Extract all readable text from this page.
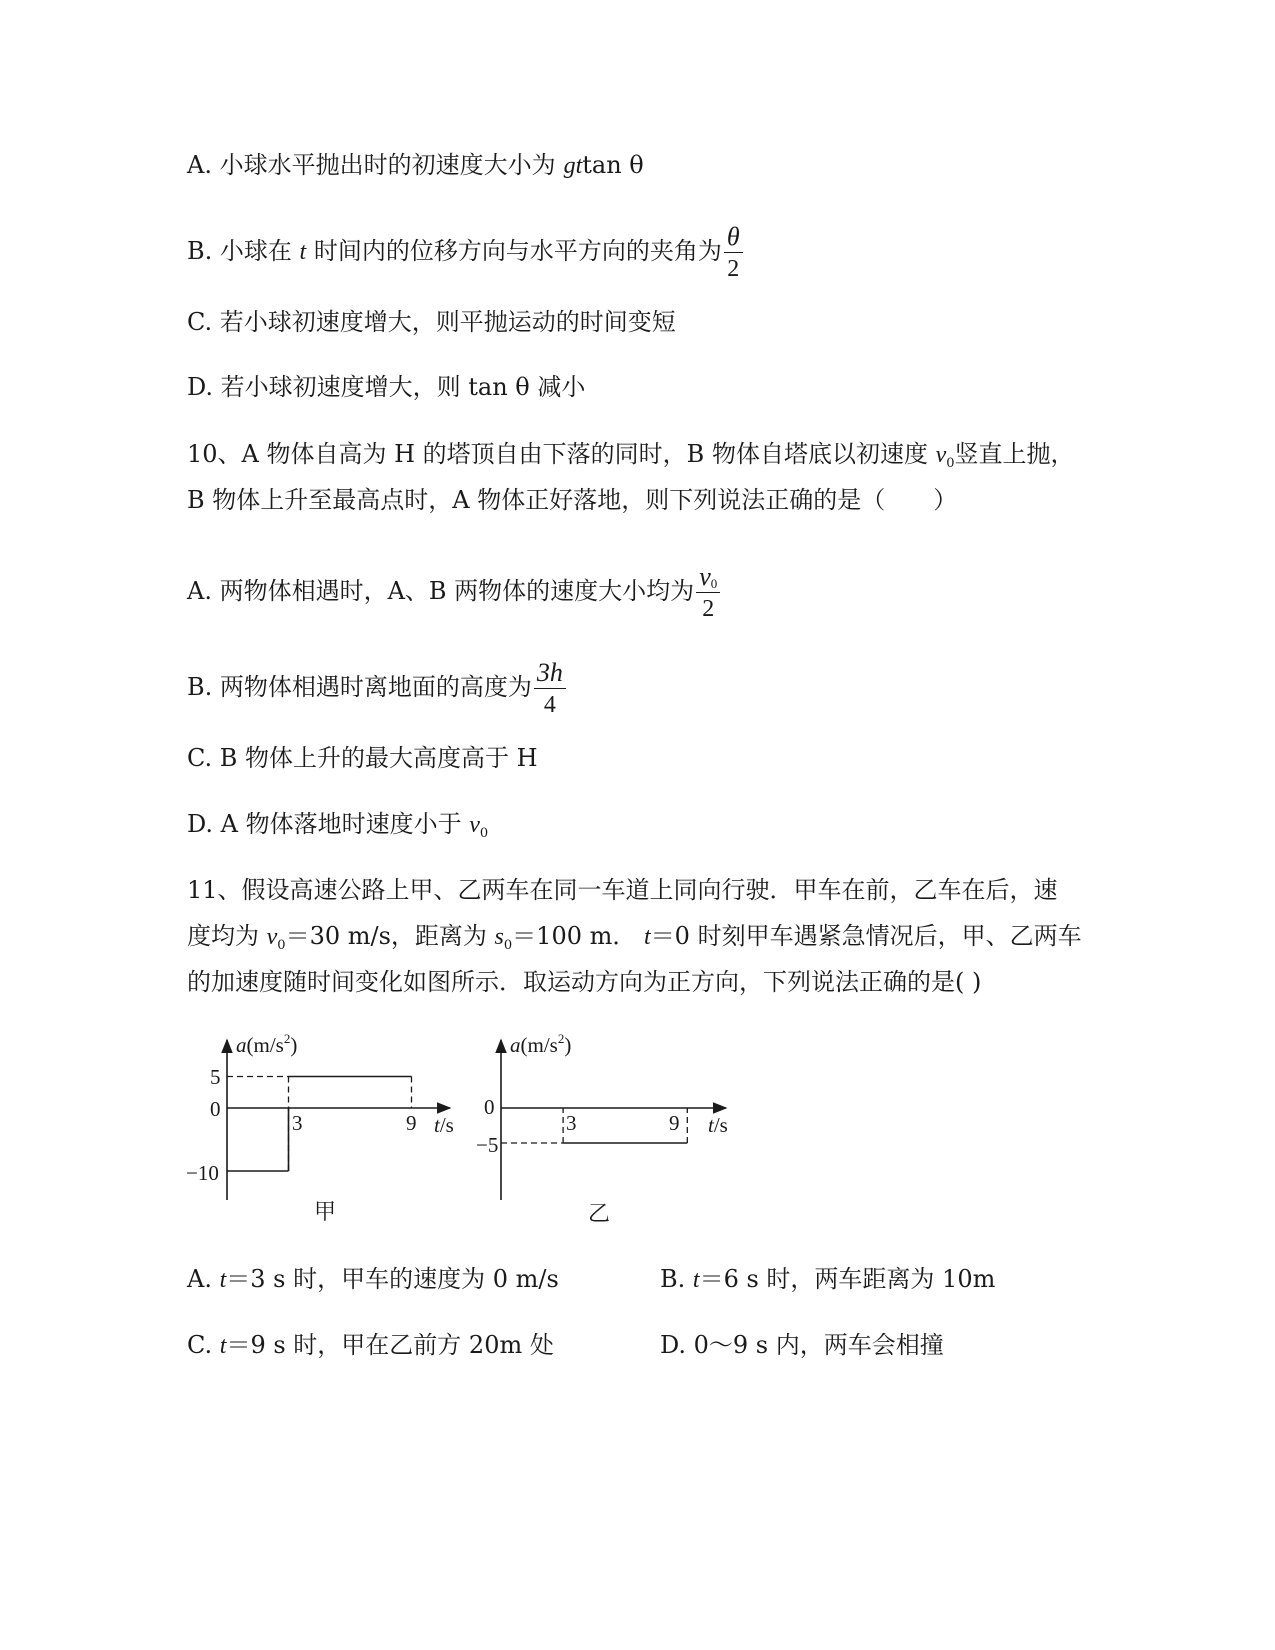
A. 小球水平抛出时的初速度大小为 gttan θ
B. 小球在 t 时间内的位移方向与水平方向的夹角为 $\frac{\theta}{2}$
C. 若小球初速度增大，则平抛运动的时间变短
D. 若小球初速度增大，则 tan θ 减小
10、A 物体自高为 H 的塔顶自由下落的同时，B 物体自塔底以初速度 $v_0$竖直上抛，
B 物体上升至最高点时，A 物体正好落地，则下列说法正确的是（　　）
A. 两物体相遇时，A、B 两物体的速度大小均为 $\frac{v0}{2}$
B. 两物体相遇时离地面的高度为 $\frac{3h}{4}$
C. B 物体上升的最大高度高于 H
D. A 物体落地时速度小于 $v_0$
11、假设高速公路上甲、乙两车在同一车道上同向行驶．甲车在前，乙车在后，速
度均为 $v_0=30$ m/s，距离为 $s_0=100$ m． t＝0 时刻甲车遇紧急情况后，甲、乙两车
的加速度随时间变化如图所示．取运动方向为正方向，下列说法正确的是( )
$a(m/s^2)$
t/s
5
0
−10
3	9
甲
$a(m/s^2)$
t/s
0
−5
3	9
乙
A. t＝3 s 时，甲车的速度为 0 m/s	B. t＝6 s 时，两车距离为 10m
C. t＝9 s 时，甲在乙前方 20m 处	D. 0～9 s 内，两车会相撞
